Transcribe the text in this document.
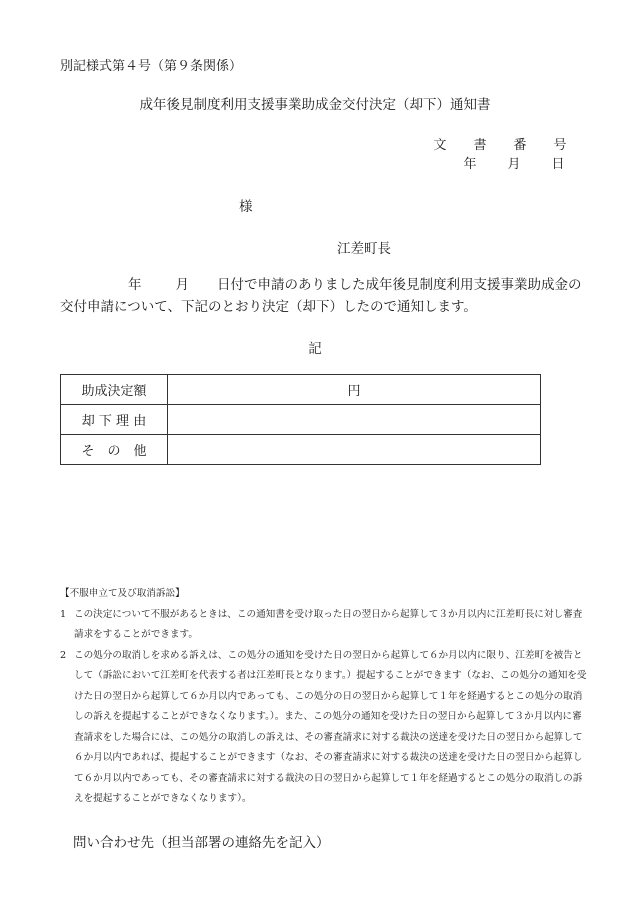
別記様式第４号（第９条関係）
成年後見制度利用支援事業助成金交付決定（却下）通知書
文 書 番 号
年 月 日
様
江差町長
年	月 日付で申請のありました成年後見制度利用支援事業助成金の交付申請について、下記のとおり決定（却下）したので通知します。
記
助成決定額	円
却 下 理 由	
そ　の　他	
【不服申立て及び取消訴訟】
1 この決定について不服があるときは、この通知書を受け取った日の翌日から起算して３か月以内に江差町長に対し審査請求をすることができます。
2 この処分の取消しを求める訴えは、この処分の通知を受けた日の翌日から起算して６か月以内に限り、江差町を被告として（訴訟において江差町を代表する者は江差町長となります。）提起することができます（なお、この処分の通知を受けた日の翌日から起算して６か月以内であっても、この処分の日の翌日から起算して１年を経過するとこの処分の取消しの訴えを提起することができなくなります。）。また、この処分の通知を受けた日の翌日から起算して３か月以内に審査請求をした場合には、この処分の取消しの訴えは、その審査請求に対する裁決の送達を受けた日の翌日から起算して６か月以内であれば、提起することができます（なお、その審査請求に対する裁決の送達を受けた日の翌日から起算して６か月以内であっても、その審査請求に対する裁決の日の翌日から起算して１年を経過するとこの処分の取消しの訴えを提起することができなくなります）。
問い合わせ先（担当部署の連絡先を記入）
